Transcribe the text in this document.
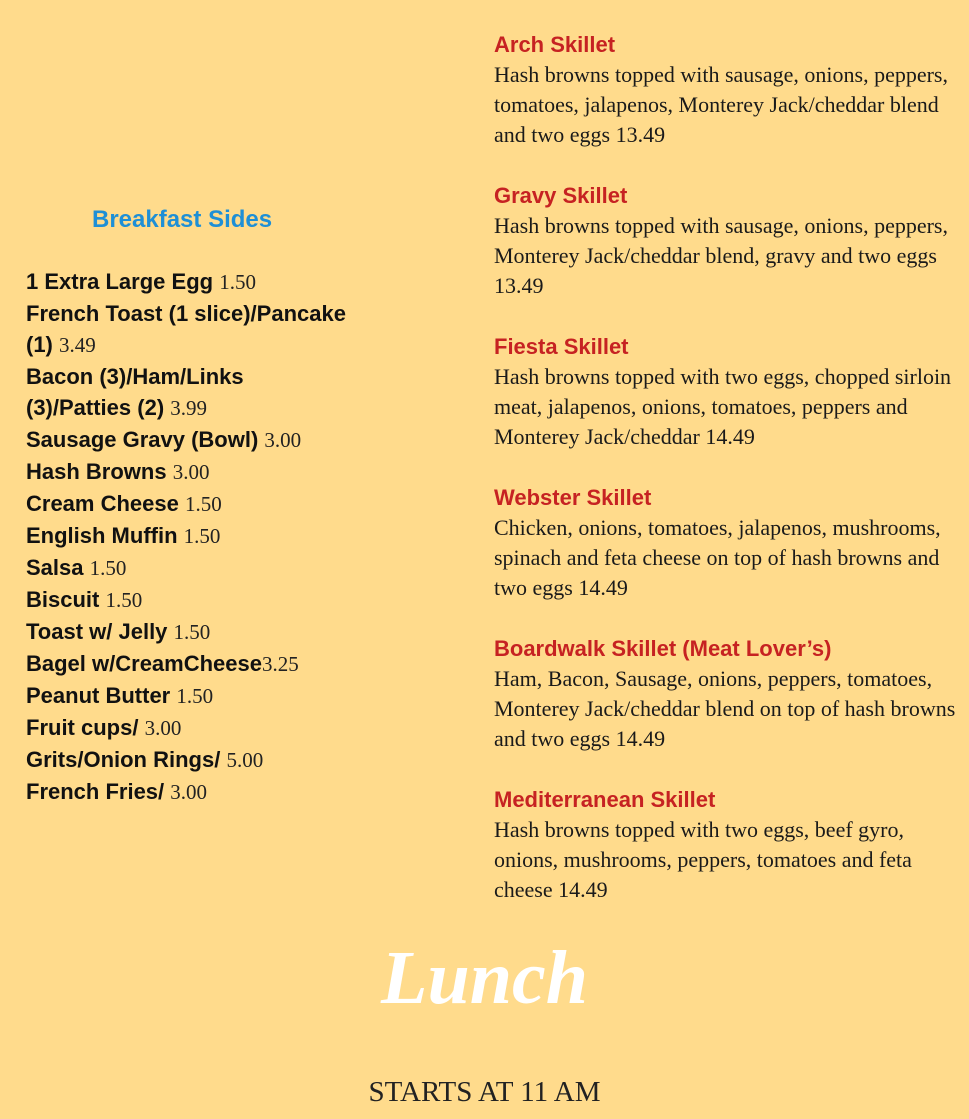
Breakfast Sides
1 Extra Large Egg 1.50
French Toast (1 slice)/Pancake (1) 3.49
Bacon (3)/Ham/Links (3)/Patties (2) 3.99
Sausage Gravy (Bowl) 3.00
Hash Browns 3.00
Cream Cheese 1.50
English Muffin 1.50
Salsa 1.50
Biscuit 1.50
Toast w/ Jelly 1.50
Bagel w/CreamCheese3.25
Peanut Butter 1.50
Fruit cups/ 3.00
Grits/Onion Rings/ 5.00
French Fries/ 3.00
Arch Skillet

Hash browns topped with sausage, onions, peppers, tomatoes, jalapenos, Monterey Jack/cheddar blend and two eggs 13.49

Gravy Skillet

Hash browns topped with sausage, onions, peppers, Monterey Jack/cheddar blend, gravy and two eggs 13.49

Fiesta Skillet

Hash browns topped with two eggs, chopped sirloin meat, jalapenos, onions, tomatoes, peppers and Monterey Jack/cheddar 14.49

Webster Skillet

Chicken, onions, tomatoes, jalapenos, mushrooms, spinach and feta cheese on top of hash browns and two eggs 14.49

Boardwalk Skillet (Meat Lover’s)

Ham, Bacon, Sausage, onions, peppers, tomatoes, Monterey Jack/cheddar blend on top of hash browns and two eggs 14.49

Mediterranean Skillet

Hash browns topped with two eggs, beef gyro, onions, mushrooms, peppers, tomatoes and feta cheese 14.49

Lunch

STARTS AT 11 AM
